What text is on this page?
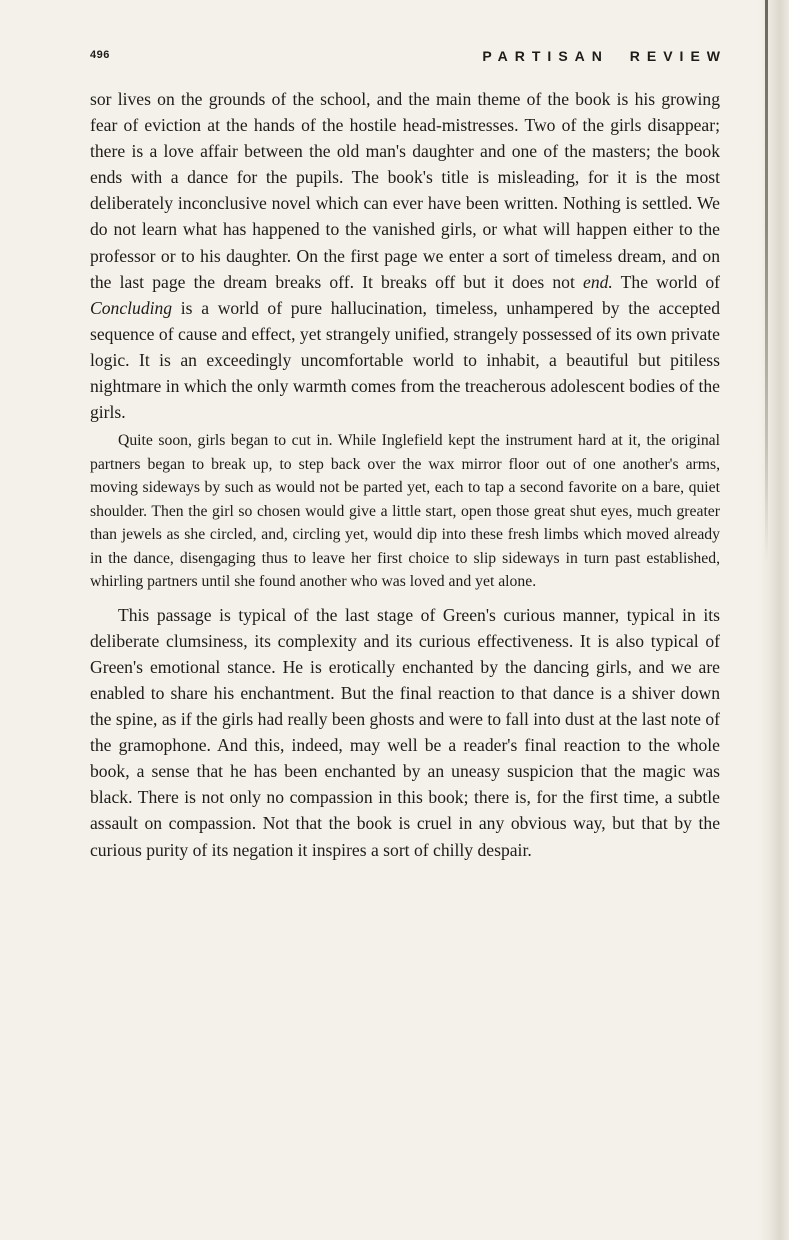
496	PARTISAN REVIEW

sor lives on the grounds of the school, and the main theme of the book is his growing fear of eviction at the hands of the hostile head-mistresses. Two of the girls disappear; there is a love affair between the old man's daughter and one of the masters; the book ends with a dance for the pupils. The book's title is misleading, for it is the most deliberately inconclusive novel which can ever have been written. Nothing is settled. We do not learn what has happened to the vanished girls, or what will happen either to the professor or to his daughter. On the first page we enter a sort of timeless dream, and on the last page the dream breaks off. It breaks off but it does not end. The world of Concluding is a world of pure hallucination, timeless, unhampered by the accepted sequence of cause and effect, yet strangely unified, strangely possessed of its own private logic. It is an exceedingly uncomfortable world to inhabit, a beautiful but pitiless nightmare in which the only warmth comes from the treacherous adolescent bodies of the girls.

Quite soon, girls began to cut in. While Inglefield kept the instrument hard at it, the original partners began to break up, to step back over the wax mirror floor out of one another's arms, moving sideways by such as would not be parted yet, each to tap a second favorite on a bare, quiet shoulder. Then the girl so chosen would give a little start, open those great shut eyes, much greater than jewels as she circled, and, circling yet, would dip into these fresh limbs which moved already in the dance, disengaging thus to leave her first choice to slip sideways in turn past established, whirling partners until she found another who was loved and yet alone.

This passage is typical of the last stage of Green's curious manner, typical in its deliberate clumsiness, its complexity and its curious effectiveness. It is also typical of Green's emotional stance. He is erotically enchanted by the dancing girls, and we are enabled to share his enchantment. But the final reaction to that dance is a shiver down the spine, as if the girls had really been ghosts and were to fall into dust at the last note of the gramophone. And this, indeed, may well be a reader's final reaction to the whole book, a sense that he has been enchanted by an uneasy suspicion that the magic was black. There is not only no compassion in this book; there is, for the first time, a subtle assault on compassion. Not that the book is cruel in any obvious way, but that by the curious purity of its negation it inspires a sort of chilly despair.
